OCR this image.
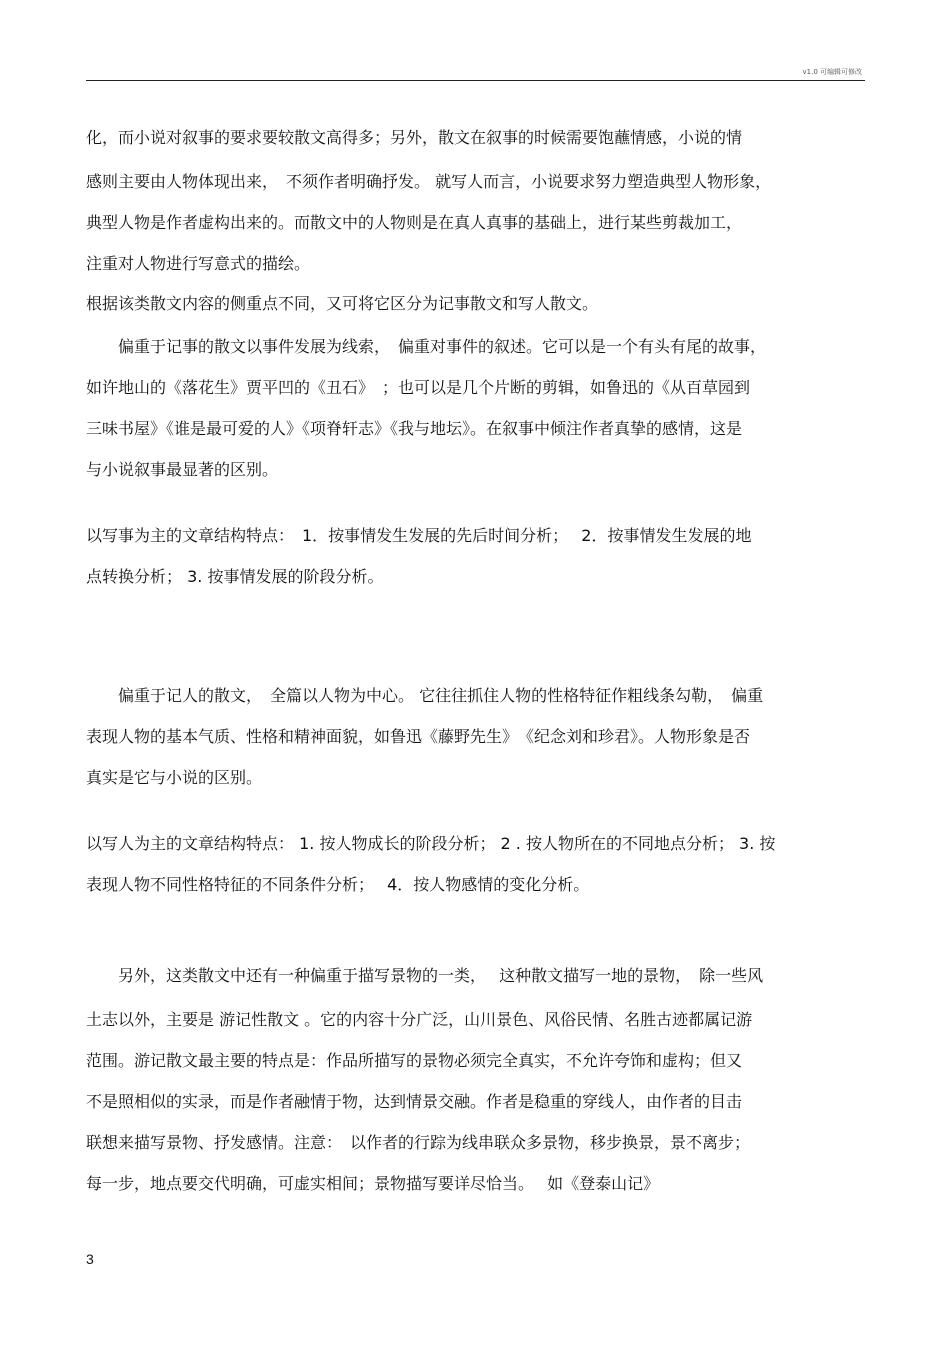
v1.0 可编辑可修改
化，而小说对叙事的要求要较散文高得多；另外，散文在叙事的时候需要饱蘸情感，小说的情
感则主要由人物体现出来，　不须作者明确抒发。 就写人而言，小说要求努力塑造典型人物形象，
典型人物是作者虚构出来的。而散文中的人物则是在真人真事的基础上，进行某些剪裁加工，
注重对人物进行写意式的描绘。
根据该类散文内容的侧重点不同，又可将它区分为记事散文和写人散文。
　　偏重于记事的散文以事件发展为线索，　偏重对事件的叙述。它可以是一个有头有尾的故事，
如许地山的《落花生》贾平凹的《丑石》　；也可以是几个片断的剪辑，如鲁迅的《从百草园到
三味书屋》《谁是最可爱的人》《项脊轩志》《我与地坛》。在叙事中倾注作者真挚的感情，这是
与小说叙事最显著的区别。
以写事为主的文章结构特点：　1．按事情发生发展的先后时间分析；　 2．按事情发生发展的地
点转换分析； 3. 按事情发展的阶段分析。
　　偏重于记人的散文，　全篇以人物为中心。 它往往抓住人物的性格特征作粗线条勾勒，　偏重
表现人物的基本气质、性格和精神面貌，如鲁迅《藤野先生》　《纪念刘和珍君》。人物形象是否
真实是它与小说的区别。
以写人为主的文章结构特点： 1. 按人物成长的阶段分析； 2 . 按人物所在的不同地点分析； 3. 按
表现人物不同性格特征的不同条件分析；　 4．按人物感情的变化分析。
　　另外，这类散文中还有一种偏重于描写景物的一类，　 这种散文描写一地的景物，　除一些风
土志以外，主要是 游记性散文 。它的内容十分广泛，山川景色、风俗民情、名胜古迹都属记游
范围。游记散文最主要的特点是：作品所描写的景物必须完全真实，不允许夸饰和虚构；但又
不是照相似的实录，而是作者融情于物，达到情景交融。作者是稳重的穿线人，由作者的目击
联想来描写景物、抒发感情。注意：　以作者的行踪为线串联众多景物，移步换景，景不离步；
每一步，地点要交代明确，可虚实相间；景物描写要详尽恰当。　 如《登泰山记》
3
